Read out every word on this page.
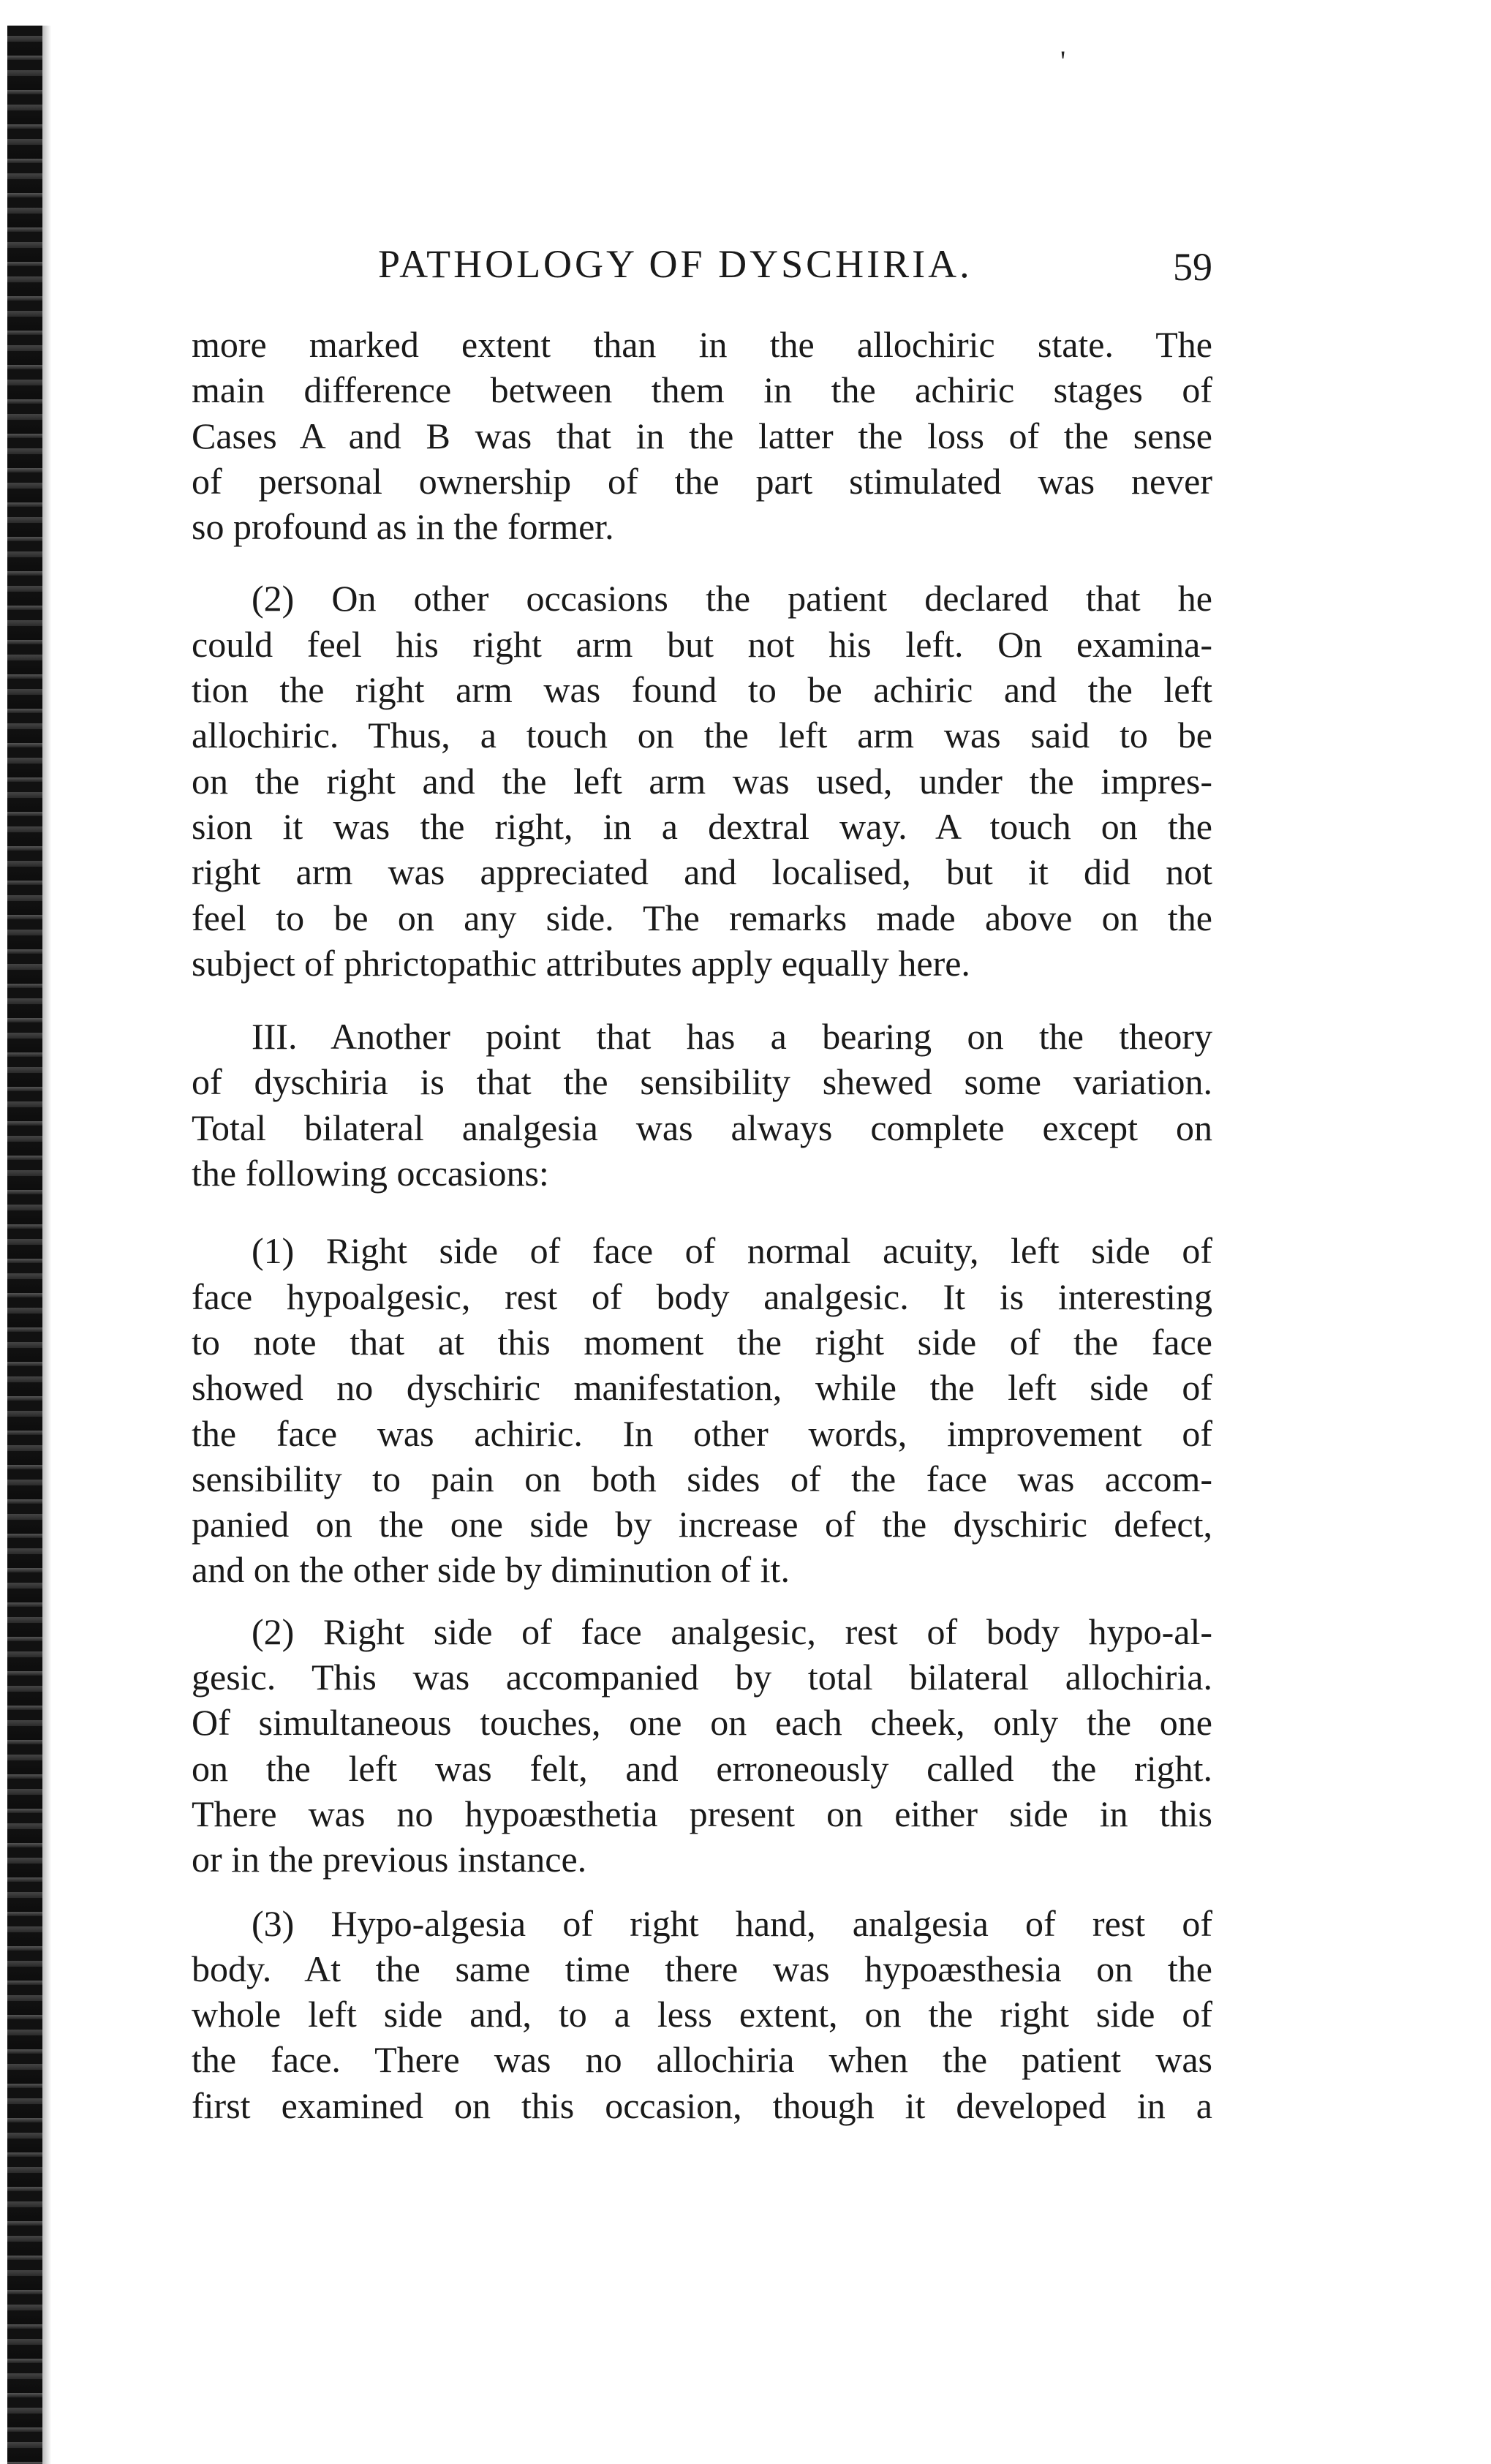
'
PATHOLOGY OF DYSCHIRIA.	59

more marked extent than in the allochiric state. The
main difference between them in the achiric stages of
Cases A and B was that in the latter the loss of the sense
of personal ownership of the part stimulated was never
so profound as in the former.

(2) On other occasions the patient declared that he
could feel his right arm but not his left. On examina-
tion the right arm was found to be achiric and the left
allochiric. Thus, a touch on the left arm was said to be
on the right and the left arm was used, under the impres-
sion it was the right, in a dextral way. A touch on the
right arm was appreciated and localised, but it did not
feel to be on any side. The remarks made above on the
subject of phrictopathic attributes apply equally here.

III. Another point that has a bearing on the theory
of dyschiria is that the sensibility shewed some variation.
Total bilateral analgesia was always complete except on
the following occasions:

(1) Right side of face of normal acuity, left side of
face hypoalgesic, rest of body analgesic. It is interesting
to note that at this moment the right side of the face
showed no dyschiric manifestation, while the left side of
the face was achiric. In other words, improvement of
sensibility to pain on both sides of the face was accom-
panied on the one side by increase of the dyschiric defect,
and on the other side by diminution of it.

(2) Right side of face analgesic, rest of body hypo-al-
gesic. This was accompanied by total bilateral allochiria.
Of simultaneous touches, one on each cheek, only the one
on the left was felt, and erroneously called the right.
There was no hypoæsthetia present on either side in this
or in the previous instance.

(3) Hypo-algesia of right hand, analgesia of rest of
body. At the same time there was hypoæsthesia on the
whole left side and, to a less extent, on the right side of
the face. There was no allochiria when the patient was
first examined on this occasion, though it developed in a
